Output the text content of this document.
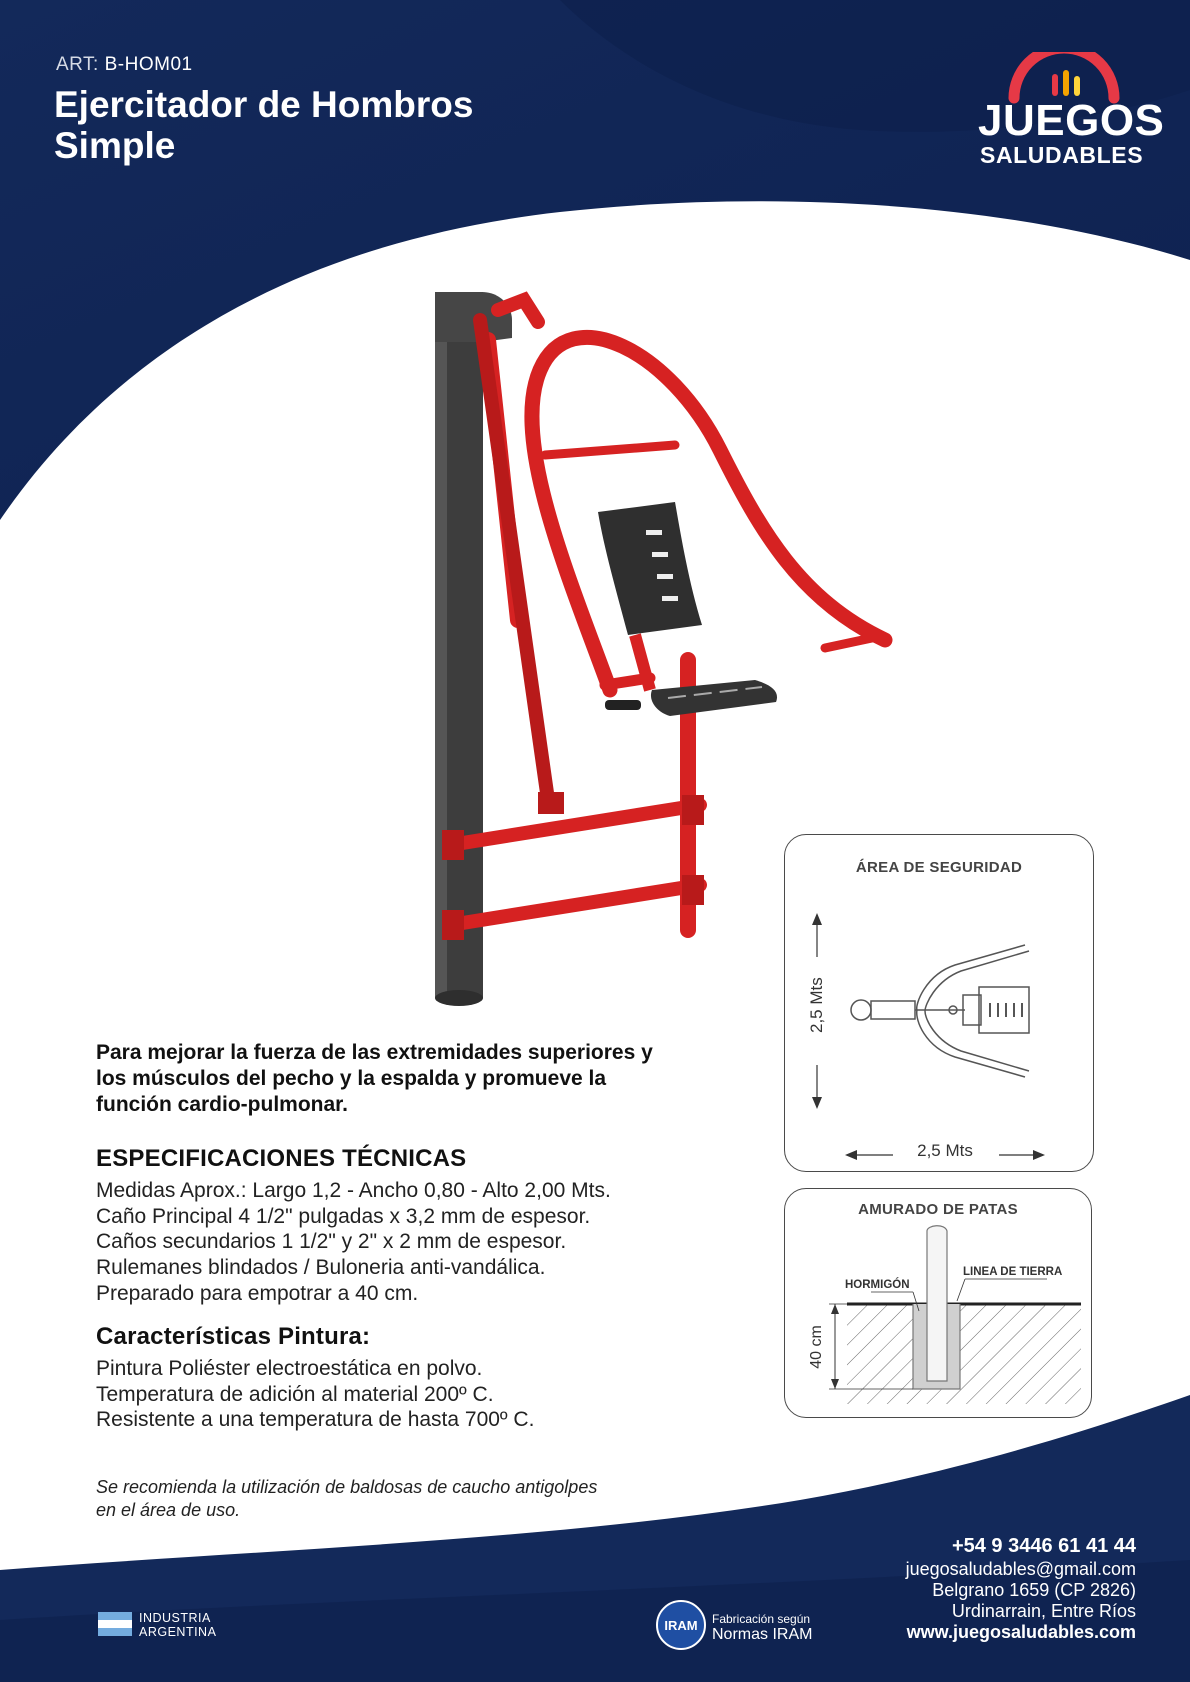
ART: B-HOM01
Ejercitador de Hombros
Simple
JUEGOS
SALUDABLES
Para mejorar la fuerza de las extremidades superiores y los músculos del pecho y la espalda y promueve la función cardio-pulmonar.
ESPECIFICACIONES TÉCNICAS
Medidas Aprox.: Largo 1,2 - Ancho 0,80 - Alto 2,00 Mts.
Caño Principal 4 1/2" pulgadas x 3,2 mm de espesor.
Caños secundarios 1 1/2" y 2" x 2 mm de espesor.
Rulemanes blindados / Buloneria anti-vandálica.
Preparado para empotrar a 40 cm.
Características Pintura:
Pintura Poliéster electroestática en polvo.
Temperatura de adición al material 200º C.
Resistente a una temperatura de hasta 700º C.
Se recomienda la utilización de baldosas de caucho antigolpes en el área de uso.
ÁREA DE SEGURIDAD
2,5 Mts
2,5 Mts
AMURADO DE PATAS
HORMIGÓN
LINEA DE TIERRA
40 cm
+54 9 3446 61 41 44
juegosaludables@gmail.com
Belgrano 1659 (CP 2826)
Urdinarrain, Entre Ríos
www.juegosaludables.com
INDUSTRIA
ARGENTINA	IRAM Fabricación según
Normas IRAM
